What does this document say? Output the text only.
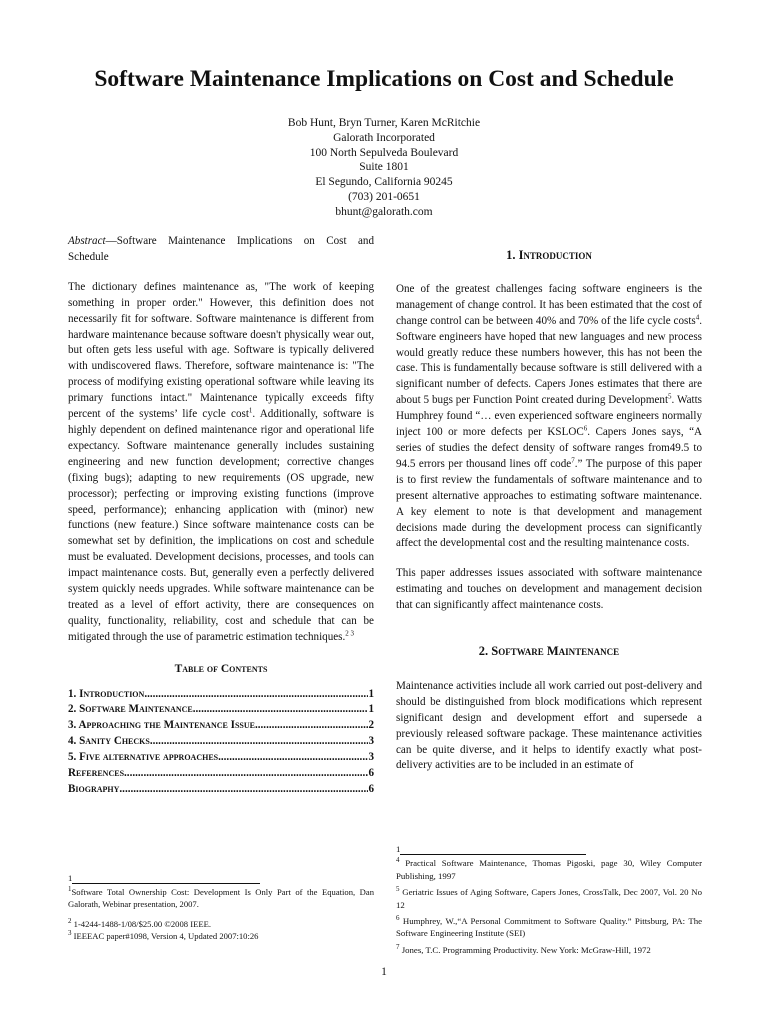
Software Maintenance Implications on Cost and Schedule
Bob Hunt, Bryn Turner, Karen McRitchie
Galorath Incorporated
100 North Sepulveda Boulevard
Suite 1801
El Segundo, California 90245
(703) 201-0651
bhunt@galorath.com

Abstract—Software Maintenance Implications on Cost and Schedule

The dictionary defines maintenance as, "The work of keeping something in proper order." However, this definition does not necessarily fit for software. Software maintenance is different from hardware maintenance because software doesn't physically wear out, but often gets less useful with age. Software is typically delivered with undiscovered flaws. Therefore, software maintenance is: "The process of modifying existing operational software while leaving its primary functions intact." Maintenance typically exceeds fifty percent of the systems’ life cycle cost$^1$. Additionally, software is highly dependent on defined maintenance rigor and operational life expectancy. Software maintenance generally includes sustaining engineering and new function development; corrective changes (fixing bugs); adapting to new requirements (OS upgrade, new processor); perfecting or improving existing functions (improve speed, performance); enhancing application with (minor) new functions (new feature.) Since software maintenance costs can be somewhat set by definition, the implications on cost and schedule must be evaluated. Development decisions, processes, and tools can impact maintenance costs. But, generally even a perfectly delivered system quickly needs upgrades. While software maintenance can be treated as a level of effort activity, there are consequences on quality, functionality, reliability, cost and schedule that can be mitigated through the use of parametric estimation techniques.$^{2 3}$

Table of Contents
1. Introduction .....	1
2. Software Maintenance .....	1
3. Approaching the Maintenance Issue .....	2
4. Sanity Checks .....	3
5. Five alternative approaches .....	3
References .....	6
Biography .....	6
1

$^1$Software Total Ownership Cost: Development Is Only Part of the Equation, Dan Galorath, Webinar presentation, 2007.

$^2$ 1-4244-1488-1/08/$25.00 ©2008 IEEE.

$^3$ IEEEAC paper#1098, Version 4, Updated 2007:10:26

1. Introduction

One of the greatest challenges facing software engineers is the management of change control. It has been estimated that the cost of change control can be between 40% and 70% of the life cycle costs$^4$. Software engineers have hoped that new languages and new process would greatly reduce these numbers however, this has not been the case. This is fundamentally because software is still delivered with a significant number of defects. Capers Jones estimates that there are about 5 bugs per Function Point created during Development$^5$. Watts Humphrey found “… even experienced software engineers normally inject 100 or more defects per KSLOC$^6$. Capers Jones says, “A series of studies the defect density of software ranges from49.5 to 94.5 errors per thousand lines off code$^7$.” The purpose of this paper is to first review the fundamentals of software maintenance and to present alternative approaches to estimating software maintenance. A key element to note is that development and management decisions made during the development process can significantly affect the developmental cost and the resulting maintenance costs.

This paper addresses issues associated with software maintenance estimating and touches on development and management decision that can significantly affect maintenance costs.

2. Software Maintenance

Maintenance activities include all work carried out post-delivery and should be distinguished from block modifications which represent significant design and development effort and supersede a previously released software package. These maintenance activities can be quite diverse, and it helps to identify exactly what post-delivery activities are to be included in an estimate of

1

$^4$ Practical Software Maintenance, Thomas Pigoski, page 30, Wiley Computer Publishing, 1997

$^5$ Geriatric Issues of Aging Software, Capers Jones, CrossTalk, Dec 2007, Vol. 20 No 12

$^6$ Humphrey, W.,“A Personal Commitment to Software Quality.” Pittsburg, PA: The Software Engineering Institute (SEI)

$^7$ Jones, T.C. Programming Productivity. New York: McGraw-Hill, 1972

1
